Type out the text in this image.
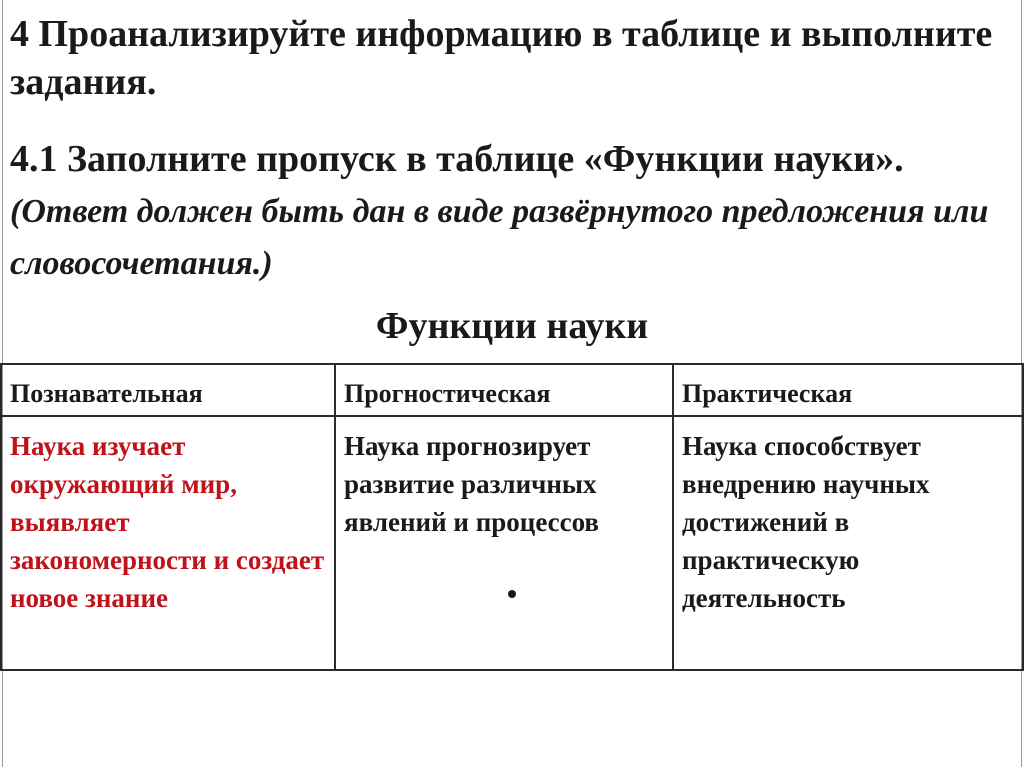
4 Проанализируйте информацию в таблице и выполните задания.

4.1 Заполните пропуск в таблице «Функции науки». (Ответ должен быть дан в виде развёрнутого предложения или словосочетания.)

Функции науки
Познавательная	Прогностическая	Практическая
Наука изучает окружающий мир, выявляет закономерности и создает новое знание	Наука прогнозирует развитие различных явлений и процессов	Наука способствует внедрению научных достижений в практическую деятельность
